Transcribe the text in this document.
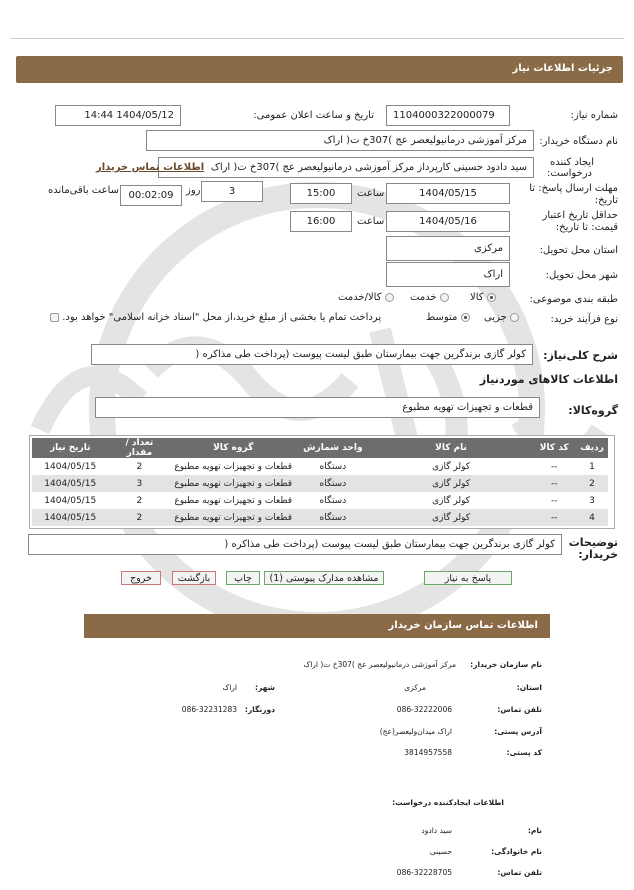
جزئیات اطلاعات نیاز
شماره نیاز:
1104000322000079
تاریخ و ساعت اعلان عمومی:
1404/05/12 14:44
نام دستگاه خریدار:
مرکز آموزشی درمانیولیعصر عج )307خ ت( اراک
ایجاد کننده
درخواست:
سید دادود حسینی کارپرداز مرکز آموزشی درمانیولیعصر عج )307خ ت( اراک
اطلاعات تماس خریدار
مهلت ارسال پاسخ: تا
تاریخ:
1404/05/15
ساعت
15:00
3
روز
00:02:09
ساعت باقی‌مانده
حداقل تاریخ اعتبار
قیمت: تا تاریخ:
1404/05/16
ساعت
16:00
استان محل تحویل:
مرکزی
شهر محل تحویل:
اراک
طبقه بندی موضوعی:
کالا
خدمت
کالا/خدمت
نوع فرآیند خرید:
جزیی
متوسط
پرداخت تمام یا بخشی از مبلغ خرید،از محل "اسناد خزانه اسلامی" خواهد بود.
شرح کلی‌نیاز:
کولر گازی برندگرین جهت بیمارستان طبق لیست پیوست (پرداخت طی مذاکره (
اطلاعات کالاهای موردنیاز
گروه‌کالا:
قطعات و تجهیزات تهویه مطبوع
ردیف	کد کالا	نام کالا	واحد شمارش	گروه کالا	تعداد / مقدار	تاریخ نیاز
1	--	کولر گازی	دستگاه	قطعات و تجهیزات تهویه مطبوع	2	1404/05/15
2	--	کولر گازی	دستگاه	قطعات و تجهیزات تهویه مطبوع	3	1404/05/15
3	--	کولر گازی	دستگاه	قطعات و تجهیزات تهویه مطبوع	2	1404/05/15
4	--	کولر گازی	دستگاه	قطعات و تجهیزات تهویه مطبوع	2	1404/05/15
توضیحات
خریدار:
کولر گازی برندگرین جهت بیمارستان طبق لیست پیوست (پرداخت طی مذاکره (
پاسخ به نیاز
مشاهده مدارک پیوستی (1)
چاپ
بازگشت
خروج
اطلاعات تماس سازمان خریدار
نام سازمان خریدار:
مرکز آموزشی درمانیولیعصر عج )307خ ت( اراک
استان:
مرکزی
شهر:
اراک
تلفن تماس:
086-32222006
دورنگار:
086-32231283
آدرس پستی:
اراک میدان‌ولیعصر(عج)
کد پستی:
3814957558
اطلاعات ایجادکننده درخواست:
نام:
سید دادود
نام خانوادگی:
حسینی
تلفن تماس:
086-32228705
